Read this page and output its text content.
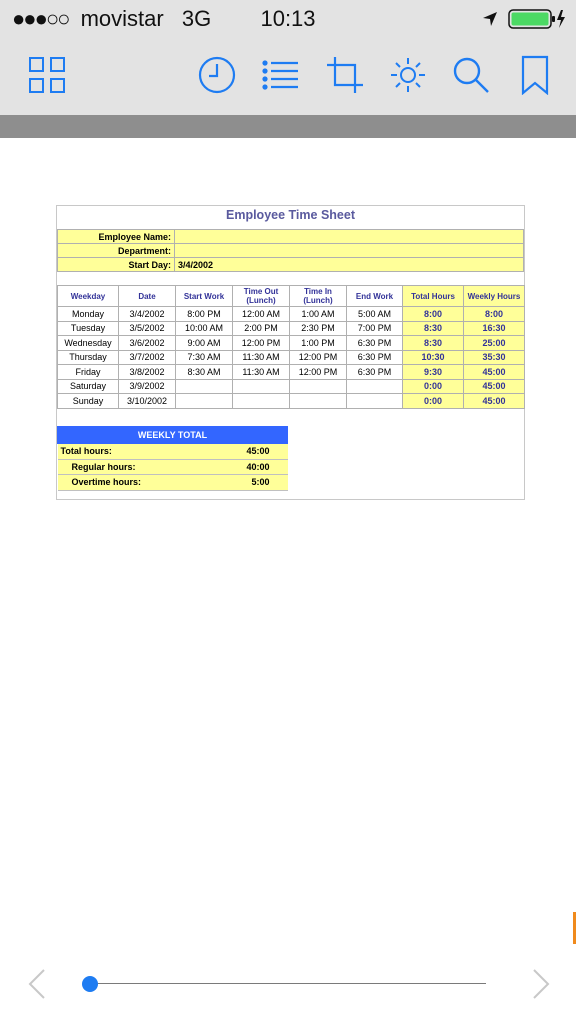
●●●○○ movistar 3G	10:13
Employee Time Sheet
Employee Name:	
Department:	
Start Day:	3/4/2002
Weekday	Date	Start Work	Time Out (Lunch)	Time In (Lunch)	End Work	Total Hours	Weekly Hours
Monday	3/4/2002	8:00 PM	12:00 AM	1:00 AM	5:00 AM	8:00	8:00
Tuesday	3/5/2002	10:00 AM	2:00 PM	2:30 PM	7:00 PM	8:30	16:30
Wednesday	3/6/2002	9:00 AM	12:00 PM	1:00 PM	6:30 PM	8:30	25:00
Thursday	3/7/2002	7:30 AM	11:30 AM	12:00 PM	6:30 PM	10:30	35:30
Friday	3/8/2002	8:30 AM	11:30 AM	12:00 PM	6:30 PM	9:30	45:00
Saturday	3/9/2002					0:00	45:00
Sunday	3/10/2002					0:00	45:00
WEEKLY TOTAL	
Total hours:	45:00
Regular hours:	40:00
Overtime hours:	5:00
